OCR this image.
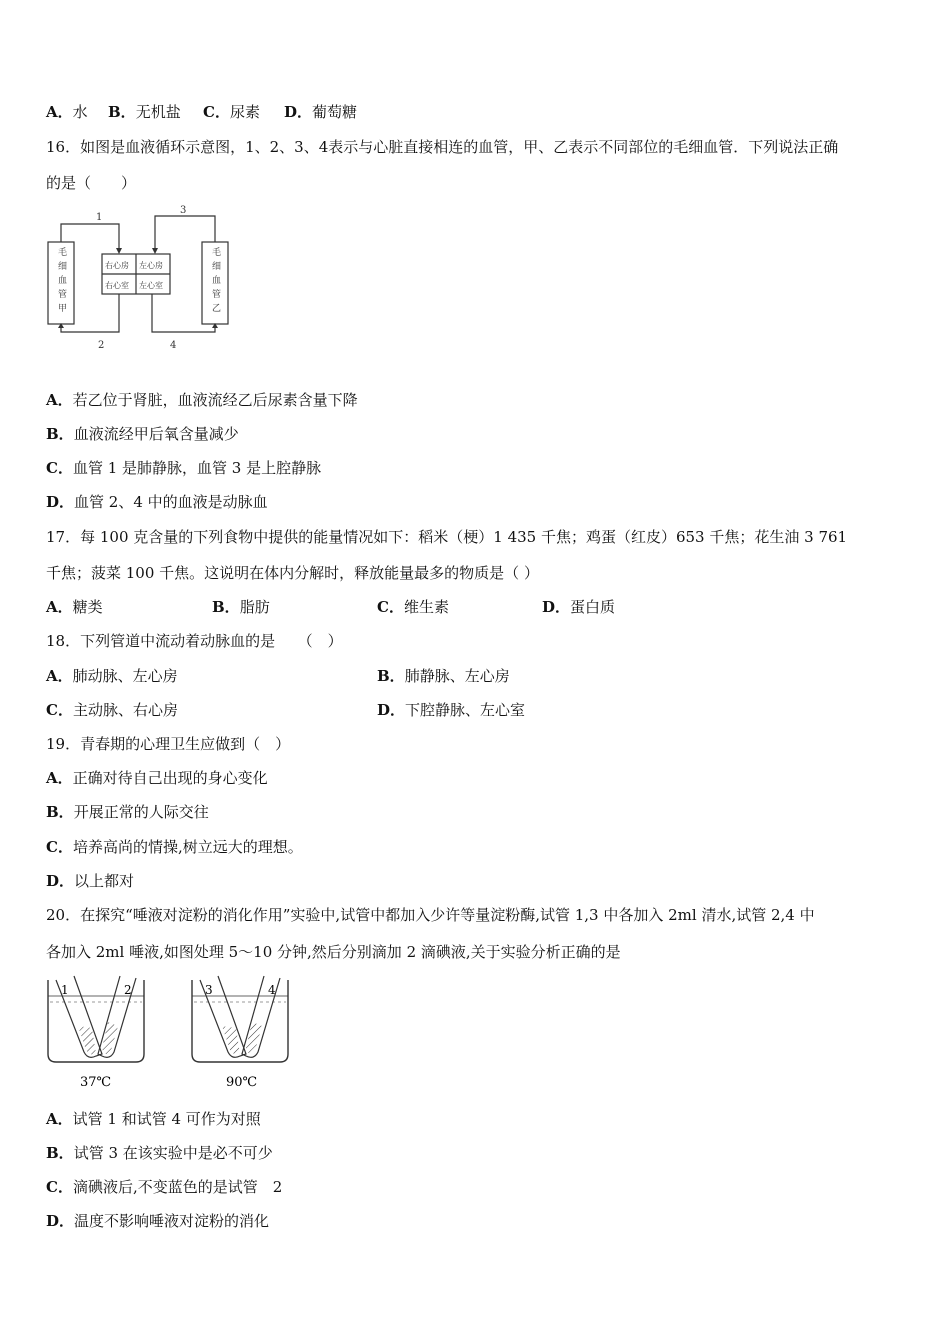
A．水 B．无机盐 C．尿素 D．葡萄糖
16．如图是血液循环示意图，1、2、3、4表示与心脏直接相连的血管，甲、乙表示不同部位的毛细血管．下列说法正确
的是（　　）
毛
细
血
管
甲
毛
细
血
管
乙
右心房 左心房
右心室 左心室
1
3
2	4
A．若乙位于肾脏，血液流经乙后尿素含量下降
B．血液流经甲后氧含量减少
C．血管 1 是肺静脉，血管 3 是上腔静脉
D．血管 2、4 中的血液是动脉血
17．每 100 克含量的下列食物中提供的能量情况如下：稻米（梗）1 435 千焦；鸡蛋（红皮）653 千焦；花生油 3 761
千焦；菠菜 100 千焦。这说明在体内分解时，释放能量最多的物质是（ ）
A．糖类	B．脂肪	C．维生素	D．蛋白质
18．下列管道中流动着动脉血的是　　（　）
A．肺动脉、左心房	B．肺静脉、左心房
C．主动脉、右心房	D．下腔静脉、左心室
19．青春期的心理卫生应做到（　）
A．正确对待自己出现的身心变化
B．开展正常的人际交往
C．培养高尚的情操,树立远大的理想。
D．以上都对
20．在探究“唾液对淀粉的消化作用”实验中,试管中都加入少许等量淀粉酶,试管 1,3 中各加入 2ml 清水,试管 2,4 中
各加入 2ml 唾液,如图处理 5～10 分钟,然后分别滴加 2 滴碘液,关于实验分析正确的是
1	2
37℃
3	4
90℃
A．试管 1 和试管 4 可作为对照
B．试管 3 在该实验中是必不可少
C．滴碘液后,不变蓝色的是试管　2
D．温度不影响唾液对淀粉的消化
